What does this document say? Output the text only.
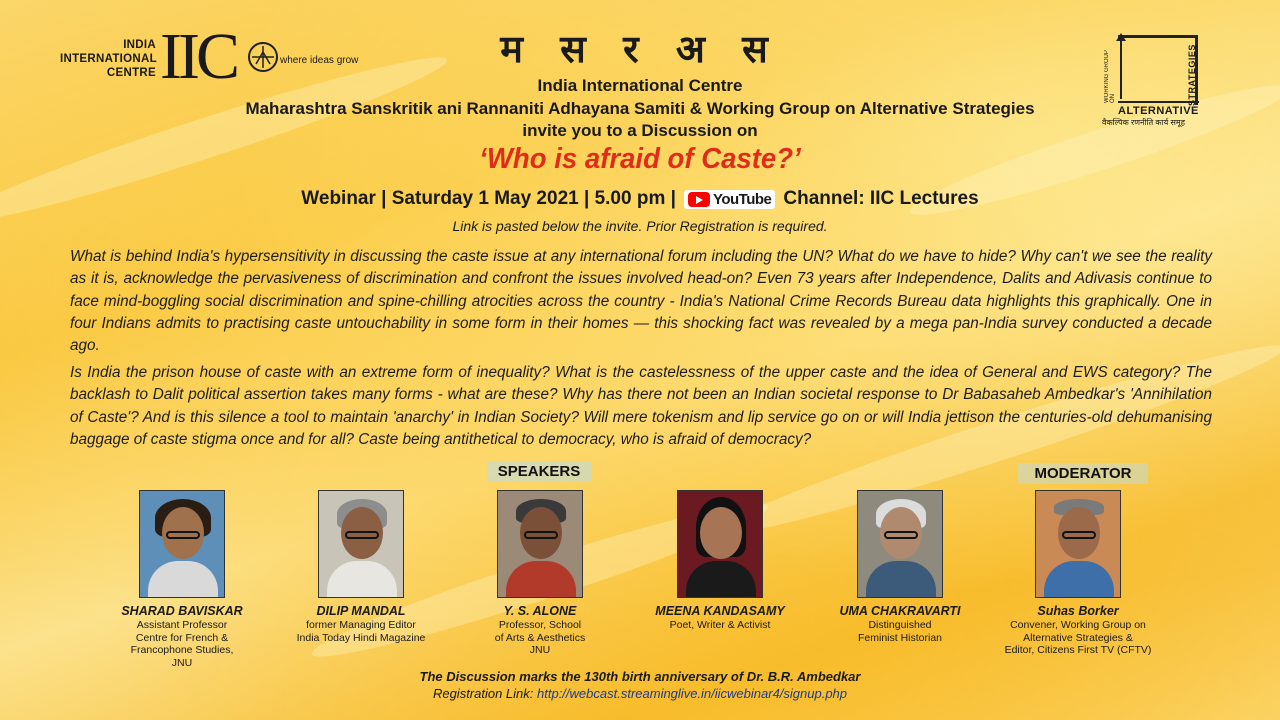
INDIA
INTERNATIONAL
CENTRE IIC	where ideas grow	WORKING GROUP ON	STRATEGIES
ALTERNATIVE
वैकल्पिक रणनीति कार्य समूह
म स र अ स
India International Centre
Maharashtra Sanskritik ani Rannaniti Adhayana Samiti & Working Group on Alternative Strategies
invite you to a Discussion on
‘Who is afraid of Caste?’
Webinar | Saturday 1 May 2021 | 5.00 pm | YouTube Channel: IIC Lectures
Link is pasted below the invite. Prior Registration is required.
What is behind India's hypersensitivity in discussing the caste issue at any international forum including the UN? What do we have to hide? Why can't we see the reality as it is, acknowledge the pervasiveness of discrimination and confront the issues involved head-on? Even 73 years after Independence, Dalits and Adivasis continue to face mind-boggling social discrimination and spine-chilling atrocities across the country - India's National Crime Records Bureau data highlights this graphically. One in four Indians admits to practising caste untouchability in some form in their homes — this shocking fact was revealed by a mega pan-India survey conducted a decade ago.
Is India the prison house of caste with an extreme form of inequality? What is the castelessness of the upper caste and the idea of General and EWS category? The backlash to Dalit political assertion takes many forms - what are these? Why has there not been an Indian societal response to Dr Babasaheb Ambedkar's 'Annihilation of Caste'? And is this silence a tool to maintain 'anarchy' in Indian Society? Will mere tokenism and lip service go on or will India jettison the centuries-old dehumanising baggage of caste stigma once and for all? Caste being antithetical to democracy, who is afraid of democracy?
SPEAKERS	MODERATOR
SHARAD BAVISKAR
Assistant Professor
Centre for French &
Francophone Studies,
JNU
DILIP MANDAL
former Managing Editor
India Today Hindi Magazine
Y. S. ALONE
Professor, School
of Arts & Aesthetics
JNU
MEENA KANDASAMY
Poet, Writer & Activist
UMA CHAKRAVARTI
Distinguished
Feminist Historian
Suhas Borker
Convener, Working Group on
Alternative Strategies &
Editor, Citizens First TV (CFTV)
The Discussion marks the 130th birth anniversary of Dr. B.R. Ambedkar
Registration Link: http://webcast.streaminglive.in/iicwebinar4/signup.php
